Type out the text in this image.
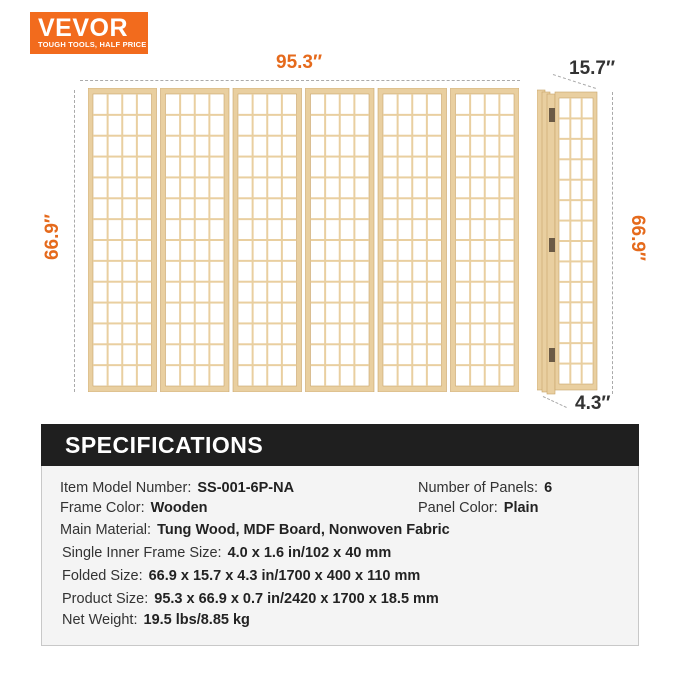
VEVOR
TOUGH TOOLS, HALF PRICE
95.3″
66.9″
15.7″
66.9″
4.3″
SPECIFICATIONS
Item Model Number: SS-001-6P-NA	Number of Panels: 6
Frame Color: Wooden	Panel Color: Plain
Main Material: Tung Wood, MDF Board, Nonwoven Fabric
Single Inner Frame Size: 4.0 x 1.6 in/102 x 40 mm
Folded Size: 66.9 x 15.7 x 4.3 in/1700 x 400 x 110 mm
Product Size: 95.3 x 66.9 x 0.7 in/2420 x 1700 x 18.5 mm
Net Weight: 19.5 lbs/8.85 kg
